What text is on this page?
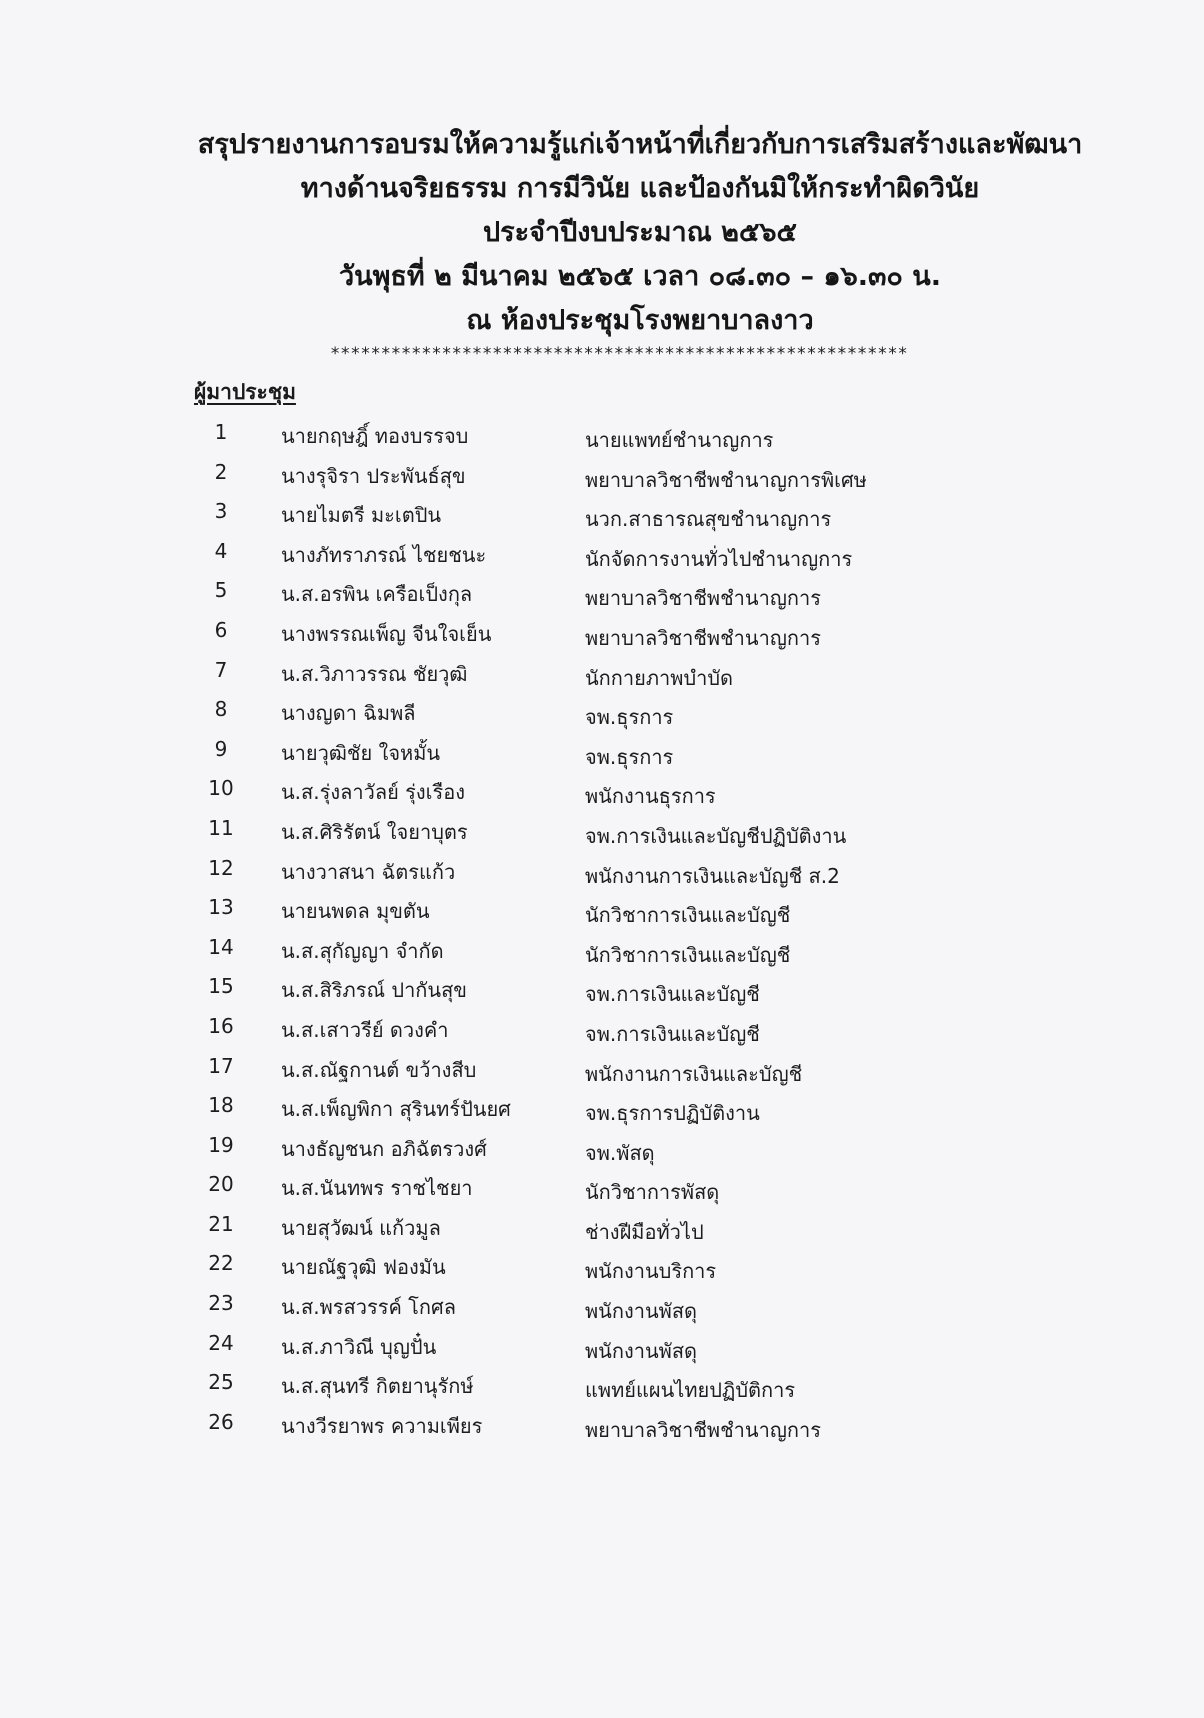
สรุปรายงานการอบรมให้ความรู้แก่เจ้าหน้าที่เกี่ยวกับการเสริมสร้างและพัฒนา
ทางด้านจริยธรรม การมีวินัย และป้องกันมิให้กระทำผิดวินัย
ประจำปีงบประมาณ ๒๕๖๕
วันพุธที่ ๒ มีนาคม ๒๕๖๕ เวลา ๐๘.๓๐ – ๑๖.๓๐ น.
ณ ห้องประชุมโรงพยาบาลงาว
*********************************************************
ผู้มาประชุม
1	นายกฤษฎิ์ ทองบรรจบ	นายแพทย์ชำนาญการ
2	นางรุจิรา ประพันธ์สุข	พยาบาลวิชาชีพชำนาญการพิเศษ
3	นายไมตรี มะเตปิน	นวก.สาธารณสุขชำนาญการ
4	นางภัทราภรณ์ ไชยชนะ	นักจัดการงานทั่วไปชำนาญการ
5	น.ส.อรพิน เครือเป็งกุล	พยาบาลวิชาชีพชำนาญการ
6	นางพรรณเพ็ญ จีนใจเย็น	พยาบาลวิชาชีพชำนาญการ
7	น.ส.วิภาวรรณ ชัยวุฒิ	นักกายภาพบำบัด
8	นางญดา ฉิมพลี	จพ.ธุรการ
9	นายวุฒิชัย ใจหมั้น	จพ.ธุรการ
10	น.ส.รุ่งลาวัลย์ รุ่งเรือง	พนักงานธุรการ
11	น.ส.ศิริรัตน์ ใจยาบุตร	จพ.การเงินและบัญชีปฏิบัติงาน
12	นางวาสนา ฉัตรแก้ว	พนักงานการเงินและบัญชี ส.2
13	นายนพดล มุขตัน	นักวิชาการเงินและบัญชี
14	น.ส.สุกัญญา จำกัด	นักวิชาการเงินและบัญชี
15	น.ส.สิริภรณ์ ปากันสุข	จพ.การเงินและบัญชี
16	น.ส.เสาวรีย์ ดวงคำ	จพ.การเงินและบัญชี
17	น.ส.ณัฐกานต์ ขว้างสีบ	พนักงานการเงินและบัญชี
18	น.ส.เพ็ญพิกา สุรินทร์ปันยศ	จพ.ธุรการปฏิบัติงาน
19	นางธัญชนก อภิฉัตรวงศ์	จพ.พัสดุ
20	น.ส.นันทพร ราชไชยา	นักวิชาการพัสดุ
21	นายสุวัฒน์ แก้วมูล	ช่างฝีมือทั่วไป
22	นายณัฐวุฒิ ฟองมัน	พนักงานบริการ
23	น.ส.พรสวรรค์ โกศล	พนักงานพัสดุ
24	น.ส.ภาวิณี บุญปั๋น	พนักงานพัสดุ
25	น.ส.สุนทรี กิตยานุรักษ์	แพทย์แผนไทยปฏิบัติการ
26	นางวีรยาพร ความเพียร	พยาบาลวิชาชีพชำนาญการ
